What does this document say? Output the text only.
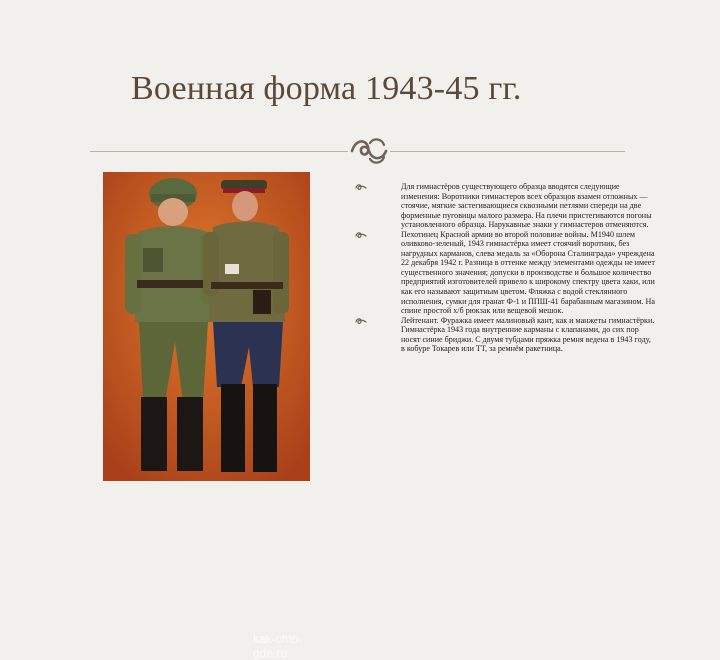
Военная форма 1943-45 гг.
kak-chto-gde.ru
Для гимнастёров существующего образца вводятся следующие изменения: Воротники гимнастеров всех образцов взамен отложных — стоячие, мягкие застегивающиеся сквозными петлями спереди на две форменные пуговицы малого размера. На плечи пристегиваются погоны установленного образца. Нарукавные знаки у гимнастеров отменяются.
Пехотинец Красной армии во второй половине войны. М1940 шлем оливково-зеленый, 1943 гимнастёрка имеет стоячий воротник, без нагрудных карманов, слева медаль за «Оборона Сталинграда» учреждена 22 декабря 1942 г. Разница в оттенке между элементами одежды не имеет существенного значения; допуски в производстве и большое количество предприятий изготовителей привело к широкому спектру цвета хаки, или как его называют защитным цветом. Фляжка с водой стеклянного исполнения, сумки для гранат Ф-1 и ППШ-41 барабанным магазином. На спине простой х/б рюкзак или вещевой мешок.
Лейтенант. Фуражка имеет малиновый кант, как и манжеты гимнастёрки. Гимнастёрка 1943 года внутренние карманы с клапанами, до сих пор носят синие бриджи. С двумя тубдами пряжка ремня ведена в 1943 году, в кобуре Токарев или ТТ, за ремнём ракетница.
